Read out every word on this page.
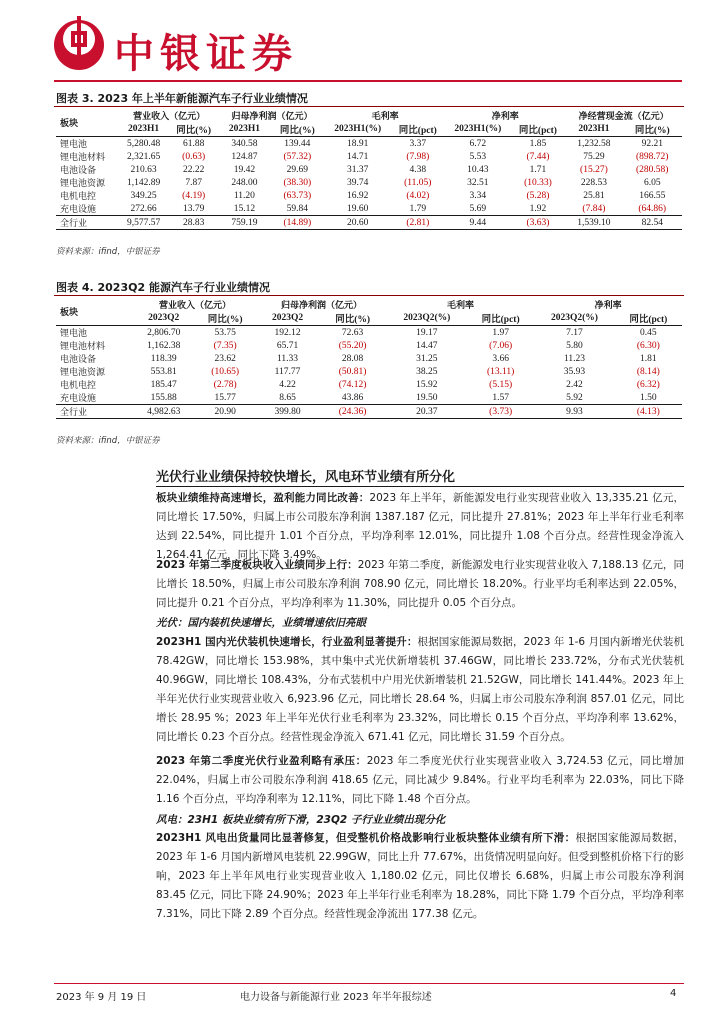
中银证券
图表 3. 2023 年上半年新能源汽车子行业业绩情况
板块	营业收入（亿元）		归母净利润（亿元）		毛利率		净利率		净经营现金流（亿元）	
	2023H1	同比(%)	2023H1	同比(%)	2023H1(%)	同比(pct)	2023H1(%)	同比(pct)	2023H1	同比(%)
锂电池	5,280.48	61.88	340.58	139.44	18.91	3.37	6.72	1.85	1,232.58	92.21
锂电池材料	2,321.65	(0.63)	124.87	(57.32)	14.71	(7.98)	5.53	(7.44)	75.29	(898.72)
电池设备	210.63	22.22	19.42	29.69	31.37	4.38	10.43	1.71	(15.27)	(280.58)
锂电池资源	1,142.89	7.87	248.00	(38.30)	39.74	(11.05)	32.51	(10.33)	228.53	6.05
电机电控	349.25	(4.19)	11.20	(63.73)	16.92	(4.02)	3.34	(5.28)	25.81	166.55
充电设施	272.66	13.79	15.12	59.84	19.60	1.79	5.69	1.92	(7.84)	(64.86)
全行业	9,577.57	28.83	759.19	(14.89)	20.60	(2.81)	9.44	(3.63)	1,539.10	82.54
资料来源：ifind，中银证券
图表 4. 2023Q2 能源汽车子行业业绩情况
板块	营业收入（亿元）		归母净利润（亿元）		毛利率		净利率	
	2023Q2	同比(%)	2023Q2	同比(%)	2023Q2(%)	同比(pct)	2023Q2(%)	同比(pct)
锂电池	2,806.70	53.75	192.12	72.63	19.17	1.97	7.17	0.45
锂电池材料	1,162.38	(7.35)	65.71	(55.20)	14.47	(7.06)	5.80	(6.30)
电池设备	118.39	23.62	11.33	28.08	31.25	3.66	11.23	1.81
锂电池资源	553.81	(10.65)	117.77	(50.81)	38.25	(13.11)	35.93	(8.14)
电机电控	185.47	(2.78)	4.22	(74.12)	15.92	(5.15)	2.42	(6.32)
充电设施	155.88	15.77	8.65	43.86	19.50	1.57	5.92	1.50
全行业	4,982.63	20.90	399.80	(24.36)	20.37	(3.73)	9.93	(4.13)
资料来源：ifind，中银证券
光伏行业业绩保持较快增长，风电环节业绩有所分化
板块业绩维持高速增长，盈利能力同比改善：2023 年上半年，新能源发电行业实现营业收入 13,335.21 亿元，同比增长 17.50%，归属上市公司股东净利润 1387.187 亿元，同比提升 27.81%；2023 年上半年行业毛利率达到 22.54%，同比提升 1.01 个百分点，平均净利率 12.01%，同比提升 1.08 个百分点。经营性现金净流入 1,264.41 亿元，同比下降 3.49%。
2023 年第二季度板块收入业绩同步上行：2023 年第二季度，新能源发电行业实现营业收入 7,188.13 亿元，同比增长 18.50%，归属上市公司股东净利润 708.90 亿元，同比增长 18.20%。行业平均毛利率达到 22.05%，同比提升 0.21 个百分点，平均净利率为 11.30%，同比提升 0.05 个百分点。
光伏：国内装机快速增长，业绩增速依旧亮眼
2023H1 国内光伏装机快速增长，行业盈利显著提升：根据国家能源局数据，2023 年 1-6 月国内新增光伏装机 78.42GW，同比增长 153.98%，其中集中式光伏新增装机 37.46GW，同比增长 233.72%，分布式光伏装机 40.96GW，同比增长 108.43%，分布式装机中户用光伏新增装机 21.52GW，同比增长 141.44%。2023 年上半年光伏行业实现营业收入 6,923.96 亿元，同比增长 28.64 %，归属上市公司股东净利润 857.01 亿元，同比增长 28.95 %；2023 年上半年光伏行业毛利率为 23.32%，同比增长 0.15 个百分点，平均净利率 13.62%，同比增长 0.23 个百分点。经营性现金净流入 671.41 亿元，同比增长 31.59 个百分点。
2023 年第二季度光伏行业盈利略有承压：2023 年二季度光伏行业实现营业收入 3,724.53 亿元，同比增加 22.04%，归属上市公司股东净利润 418.65 亿元，同比减少 9.84%。行业平均毛利率为 22.03%，同比下降 1.16 个百分点，平均净利率为 12.11%，同比下降 1.48 个百分点。
风电：23H1 板块业绩有所下滑，23Q2 子行业业绩出现分化
2023H1 风电出货量同比显著修复，但受整机价格战影响行业板块整体业绩有所下滑：根据国家能源局数据，2023 年 1-6 月国内新增风电装机 22.99GW，同比上升 77.67%，出货情况明显向好。但受到整机价格下行的影响，2023 年上半年风电行业实现营业收入 1,180.02 亿元，同比仅增长 6.68%，归属上市公司股东净利润 83.45 亿元，同比下降 24.90%；2023 年上半年行业毛利率为 18.28%，同比下降 1.79 个百分点，平均净利率 7.31%，同比下降 2.89 个百分点。经营性现金净流出 177.38 亿元。
2023 年 9 月 19 日	电力设备与新能源行业 2023 年半年报综述	4
